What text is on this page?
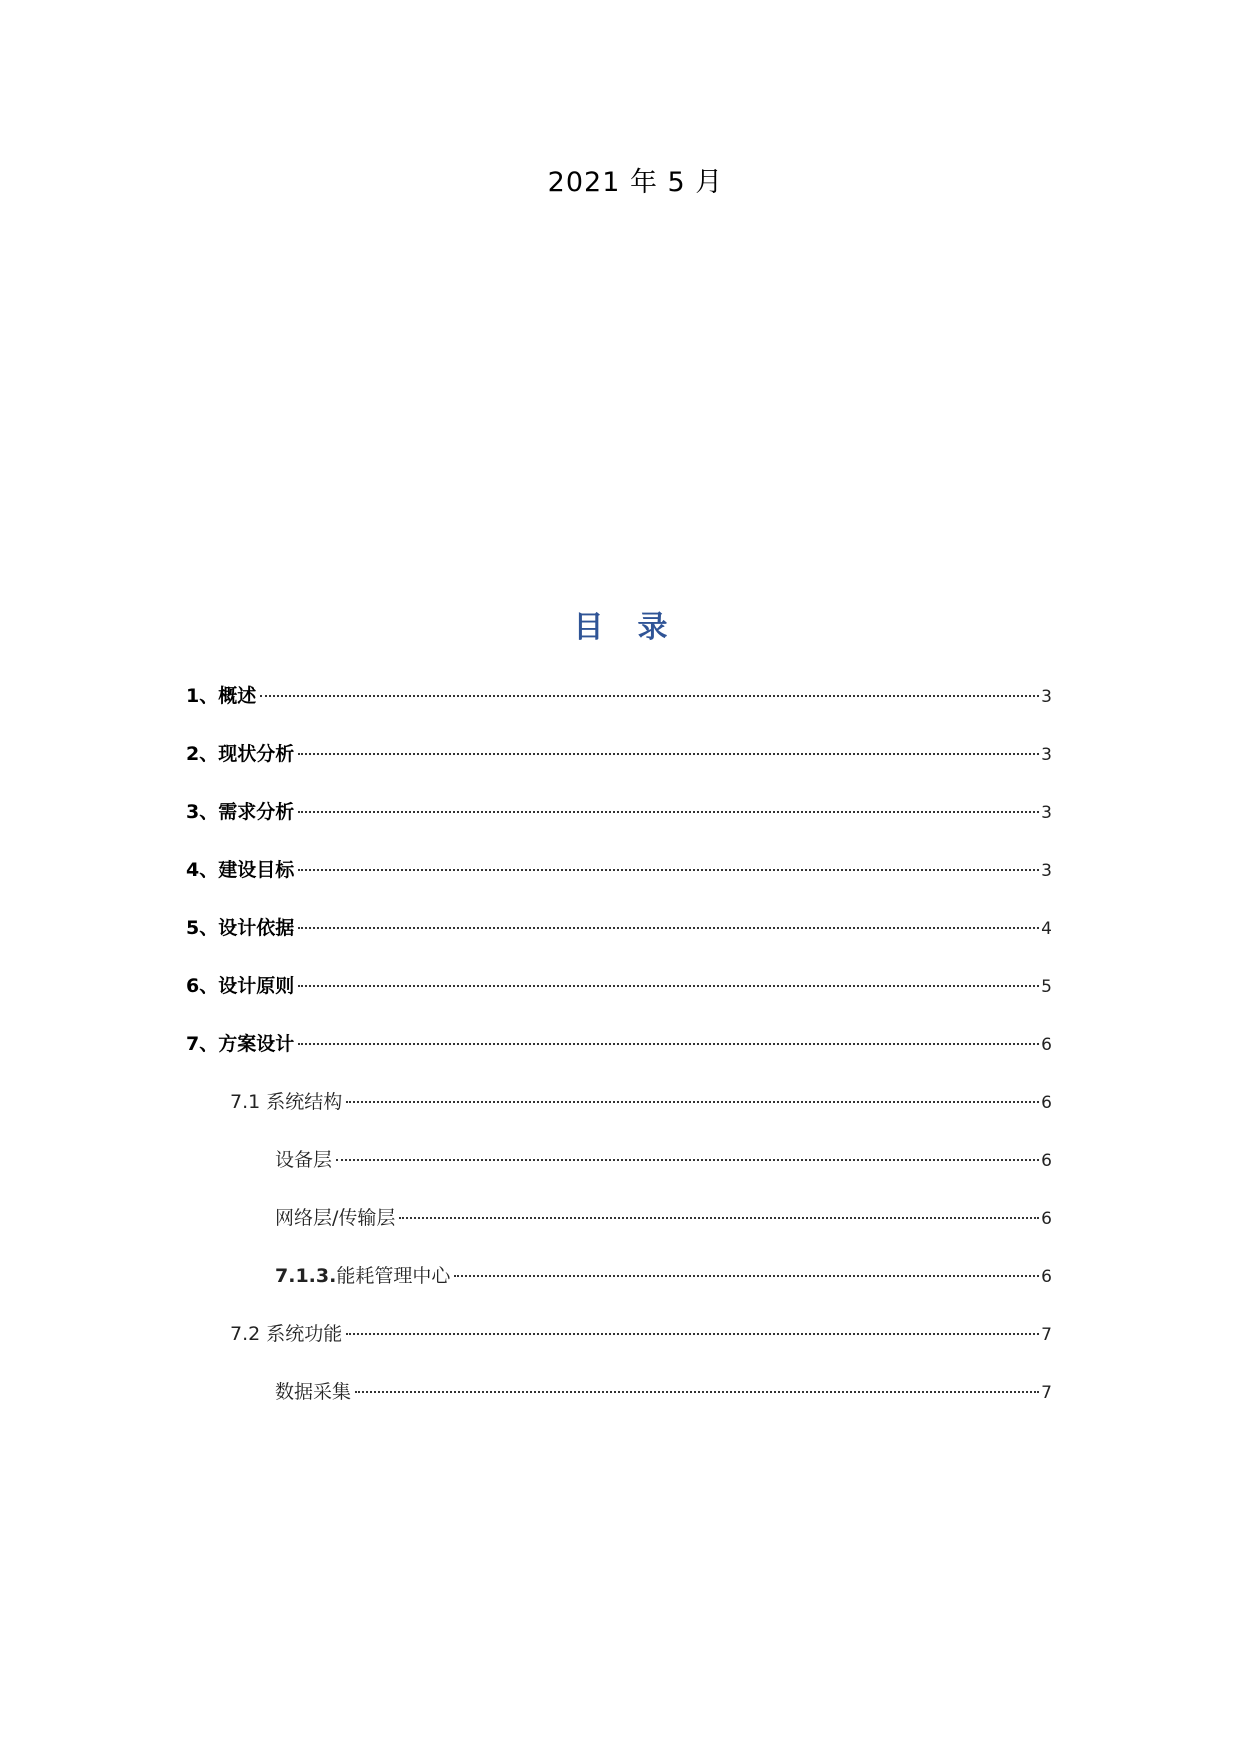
2021 年 5 月
目录
1、概述	3
2、现状分析	3
3、需求分析	3
4、建设目标	3
5、设计依据	4
6、设计原则	5
7、方案设计	6
7.1 系统结构	6
设备层	6
网络层/传输层	6
7.1.3.能耗管理中心	6
7.2 系统功能	7
数据采集	7
